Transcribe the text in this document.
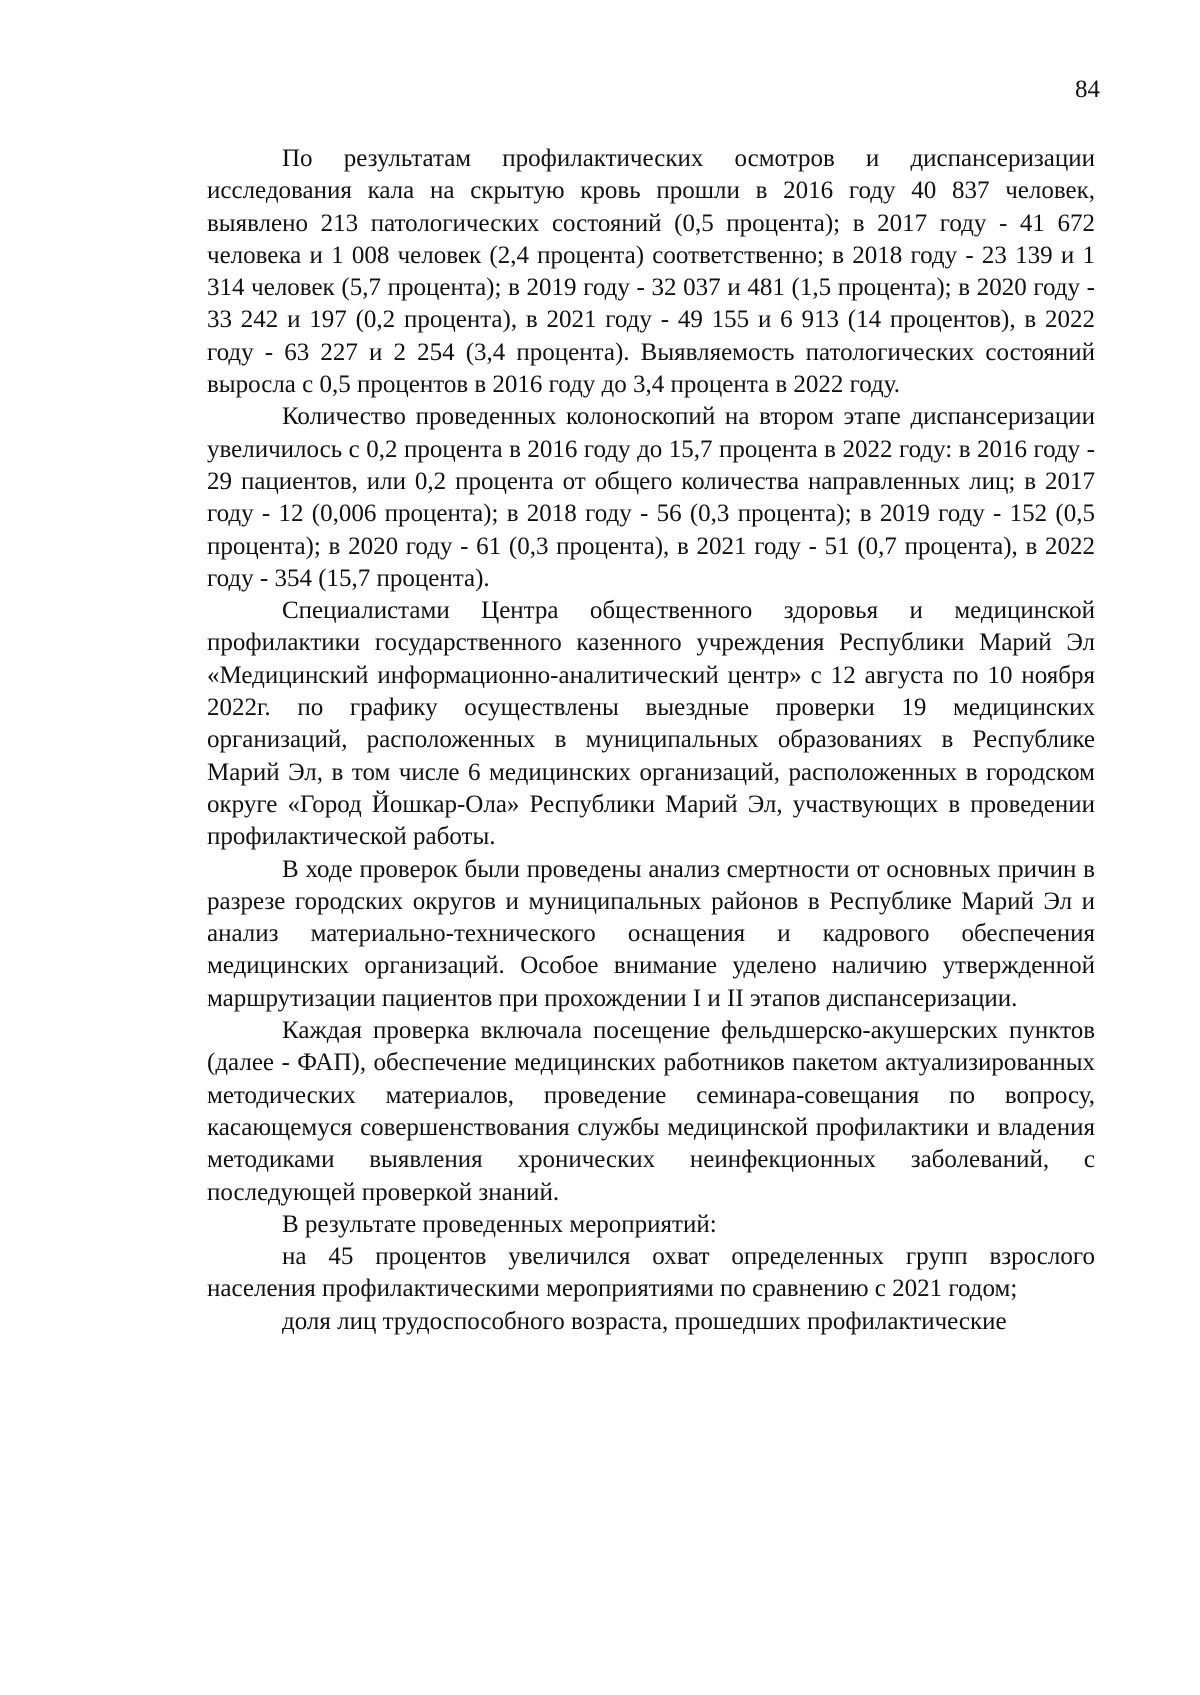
84

По результатам профилактических осмотров и диспансеризации исследования кала на скрытую кровь прошли в 2016 году 40 837 человек, выявлено 213 патологических состояний (0,5 процента); в 2017 году - 41 672 человека и 1 008 человек (2,4 процента) соответственно; в 2018 году - 23 139 и 1 314 человек (5,7 процента); в 2019 году - 32 037 и 481 (1,5 процента); в 2020 году - 33 242 и 197 (0,2 процента), в 2021 году - 49 155 и 6 913 (14 процентов), в 2022 году - 63 227 и 2 254 (3,4 процента). Выявляемость патологических состояний выросла с 0,5 процентов в 2016 году до 3,4 процента в 2022 году.

Количество проведенных колоноскопий на втором этапе диспансеризации увеличилось с 0,2 процента в 2016 году до 15,7 процента в 2022 году: в 2016 году - 29 пациентов, или 0,2 процента от общего количества направленных лиц; в 2017 году - 12 (0,006 процента); в 2018 году - 56 (0,3 процента); в 2019 году - 152 (0,5 процента); в 2020 году - 61 (0,3 процента), в 2021 году - 51 (0,7 процента), в 2022 году - 354 (15,7 процента).

Специалистами Центра общественного здоровья и медицинской профилактики государственного казенного учреждения Республики Марий Эл «Медицинский информационно-аналитический центр» с 12 августа по 10 ноября 2022г. по графику осуществлены выездные проверки 19 медицинских организаций, расположенных в муниципальных образованиях в Республике Марий Эл, в том числе 6 медицинских организаций, расположенных в городском округе «Город Йошкар-Ола» Республики Марий Эл, участвующих в проведении профилактической работы.

В ходе проверок были проведены анализ смертности от основных причин в разрезе городских округов и муниципальных районов в Республике Марий Эл и анализ материально-технического оснащения и кадрового обеспечения медицинских организаций. Особое внимание уделено наличию утвержденной маршрутизации пациентов при прохождении I и II этапов диспансеризации.

Каждая проверка включала посещение фельдшерско-акушерских пунктов (далее - ФАП), обеспечение медицинских работников пакетом актуализированных методических материалов, проведение семинара-совещания по вопросу, касающемуся совершенствования службы медицинской профилактики и владения методиками выявления хронических неинфекционных заболеваний, с последующей проверкой знаний.

В результате проведенных мероприятий:

на 45 процентов увеличился охват определенных групп взрослого населения профилактическими мероприятиями по сравнению с 2021 годом;

доля лиц трудоспособного возраста, прошедших профилактические
